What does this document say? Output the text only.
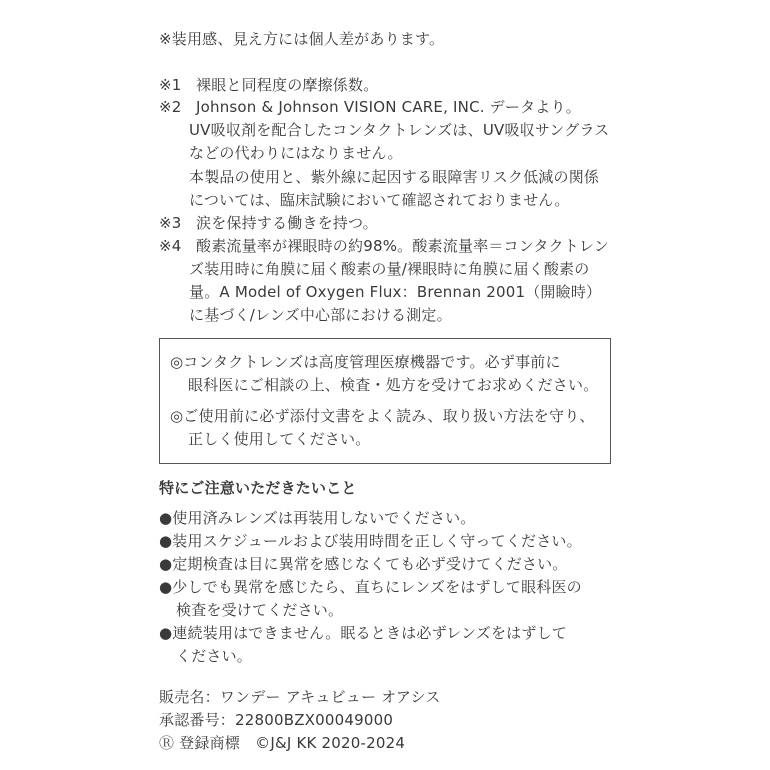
※装用感、見え方には個人差があります。
※1 裸眼と同程度の摩擦係数。
※2 Johnson & Johnson VISION CARE, INC. データより。
UV吸収剤を配合したコンタクトレンズは、UV吸収サングラス
などの代わりにはなりません。
本製品の使用と、紫外線に起因する眼障害リスク低減の関係
については、臨床試験において確認されておりません。
※3 涙を保持する働きを持つ。
※4 酸素流量率が裸眼時の約98%。酸素流量率＝コンタクトレン
ズ装用時に角膜に届く酸素の量/裸眼時に角膜に届く酸素の
量。A Model of Oxygen Flux：Brennan 2001（開瞼時）
に基づく/レンズ中心部における測定。
◎コンタクトレンズは高度管理医療機器です。必ず事前に
眼科医にご相談の上、検査・処方を受けてお求めください。
◎ご使用前に必ず添付文書をよく読み、取り扱い方法を守り、
正しく使用してください。
特にご注意いただきたいこと
●使用済みレンズは再装用しないでください。
●装用スケジュールおよび装用時間を正しく守ってください。
●定期検査は目に異常を感じなくても必ず受けてください。
●少しでも異常を感じたら、直ちにレンズをはずして眼科医の
検査を受けてください。
●連続装用はできません。眠るときは必ずレンズをはずして
ください。
販売名：ワンデー アキュビュー オアシス
承認番号：22800BZX00049000
Ⓡ 登録商標　©J&J KK 2020-2024
